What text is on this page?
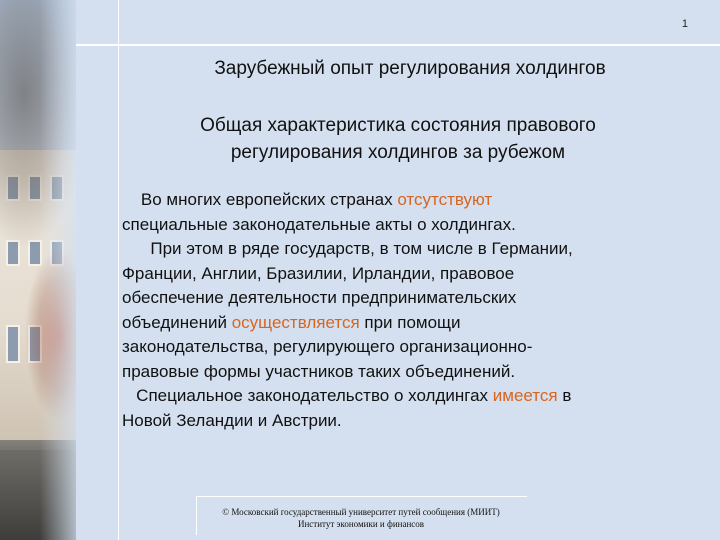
1
Зарубежный опыт регулирования холдингов
Общая характеристика состояния правового
регулирования холдингов за рубежом

Во многих европейских странах отсутствуют

специальные законодательные акты о холдингах.

При этом в ряде государств, в том числе в Германии,

Франции, Англии, Бразилии, Ирландии, правовое

обеспечение деятельности предпринимательских

объединений осуществляется при помощи

законодательства, регулирующего организационно-

правовые формы участников таких объединений.

Специальное законодательство о холдингах имеется в

Новой Зеландии и Австрии.

© Московский государственный университет путей сообщения (МИИТ)
Институт экономики и финансов
